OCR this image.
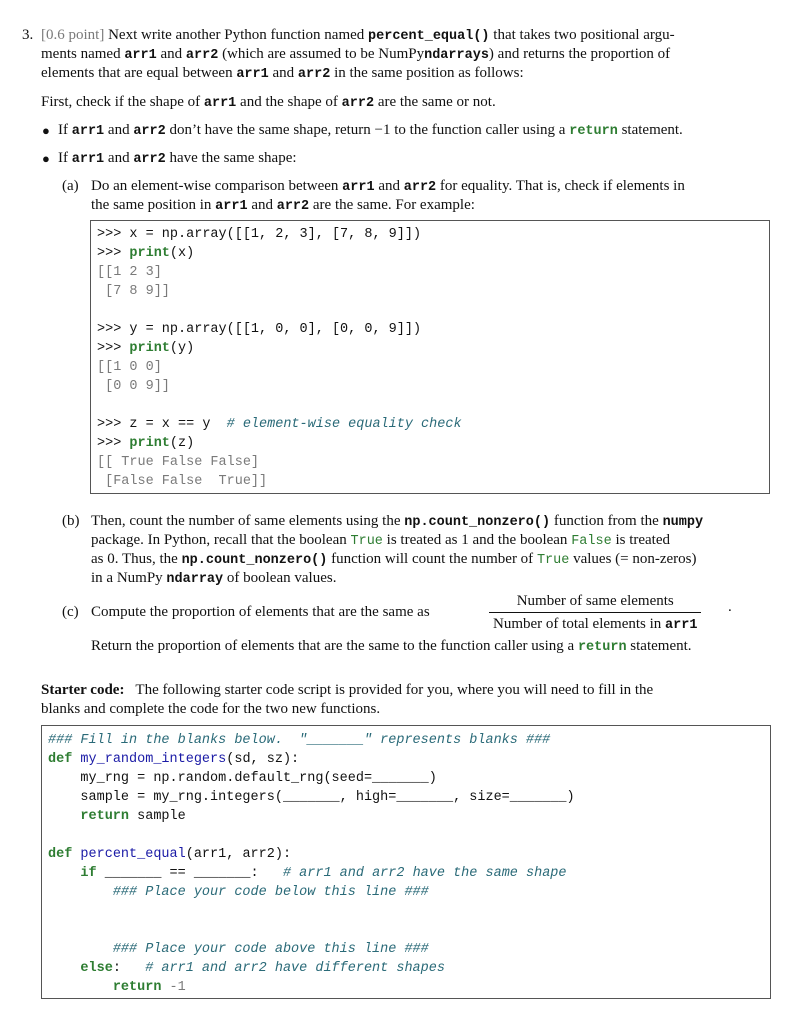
3. [0.6 point] Next write another Python function named percent_equal() that takes two positional argu-
ments named arr1 and arr2 (which are assumed to be NumPyndarrays) and returns the proportion of
elements that are equal between arr1 and arr2 in the same position as follows:
First, check if the shape of arr1 and the shape of arr2 are the same or not.
● If arr1 and arr2 don’t have the same shape, return −1 to the function caller using a return statement.
● If arr1 and arr2 have the same shape:
(a) Do an element-wise comparison between arr1 and arr2 for equality. That is, check if elements in
the same position in arr1 and arr2 are the same. For example:
>>> x = np.array([[1, 2, 3], [7, 8, 9]])
>>> print(x)
[[1 2 3]
[7 8 9]]
>>> y = np.array([[1, 0, 0], [0, 0, 9]])
>>> print(y)
[[1 0 0]
[0 0 9]]
>>> z = x == y  # element-wise equality check
>>> print(z)
[[ True False False]
[False False  True]]
(b) Then, count the number of same elements using the np.count_nonzero() function from the numpy
package. In Python, recall that the boolean True is treated as 1 and the boolean False is treated
as 0. Thus, the np.count_nonzero() function will count the number of True values (= non-zeros)
in a NumPy ndarray of boolean values.
(c) Compute the proportion of elements that are the same as
Number of same elements
Number of total elements in arr1
.
Return the proportion of elements that are the same to the function caller using a return statement.
Starter code: The following starter code script is provided for you, where you will need to fill in the
blanks and complete the code for the two new functions.
### Fill in the blanks below.  "_______" represents blanks ###
def my_random_integers(sd, sz):
my_rng = np.random.default_rng(seed=_______)
sample = my_rng.integers(_______, high=_______, size=_______)
return sample
def percent_equal(arr1, arr2):
if _______ == _______:   # arr1 and arr2 have the same shape
### Place your code below this line ###
### Place your code above this line ###
else:   # arr1 and arr2 have different shapes
return -1
